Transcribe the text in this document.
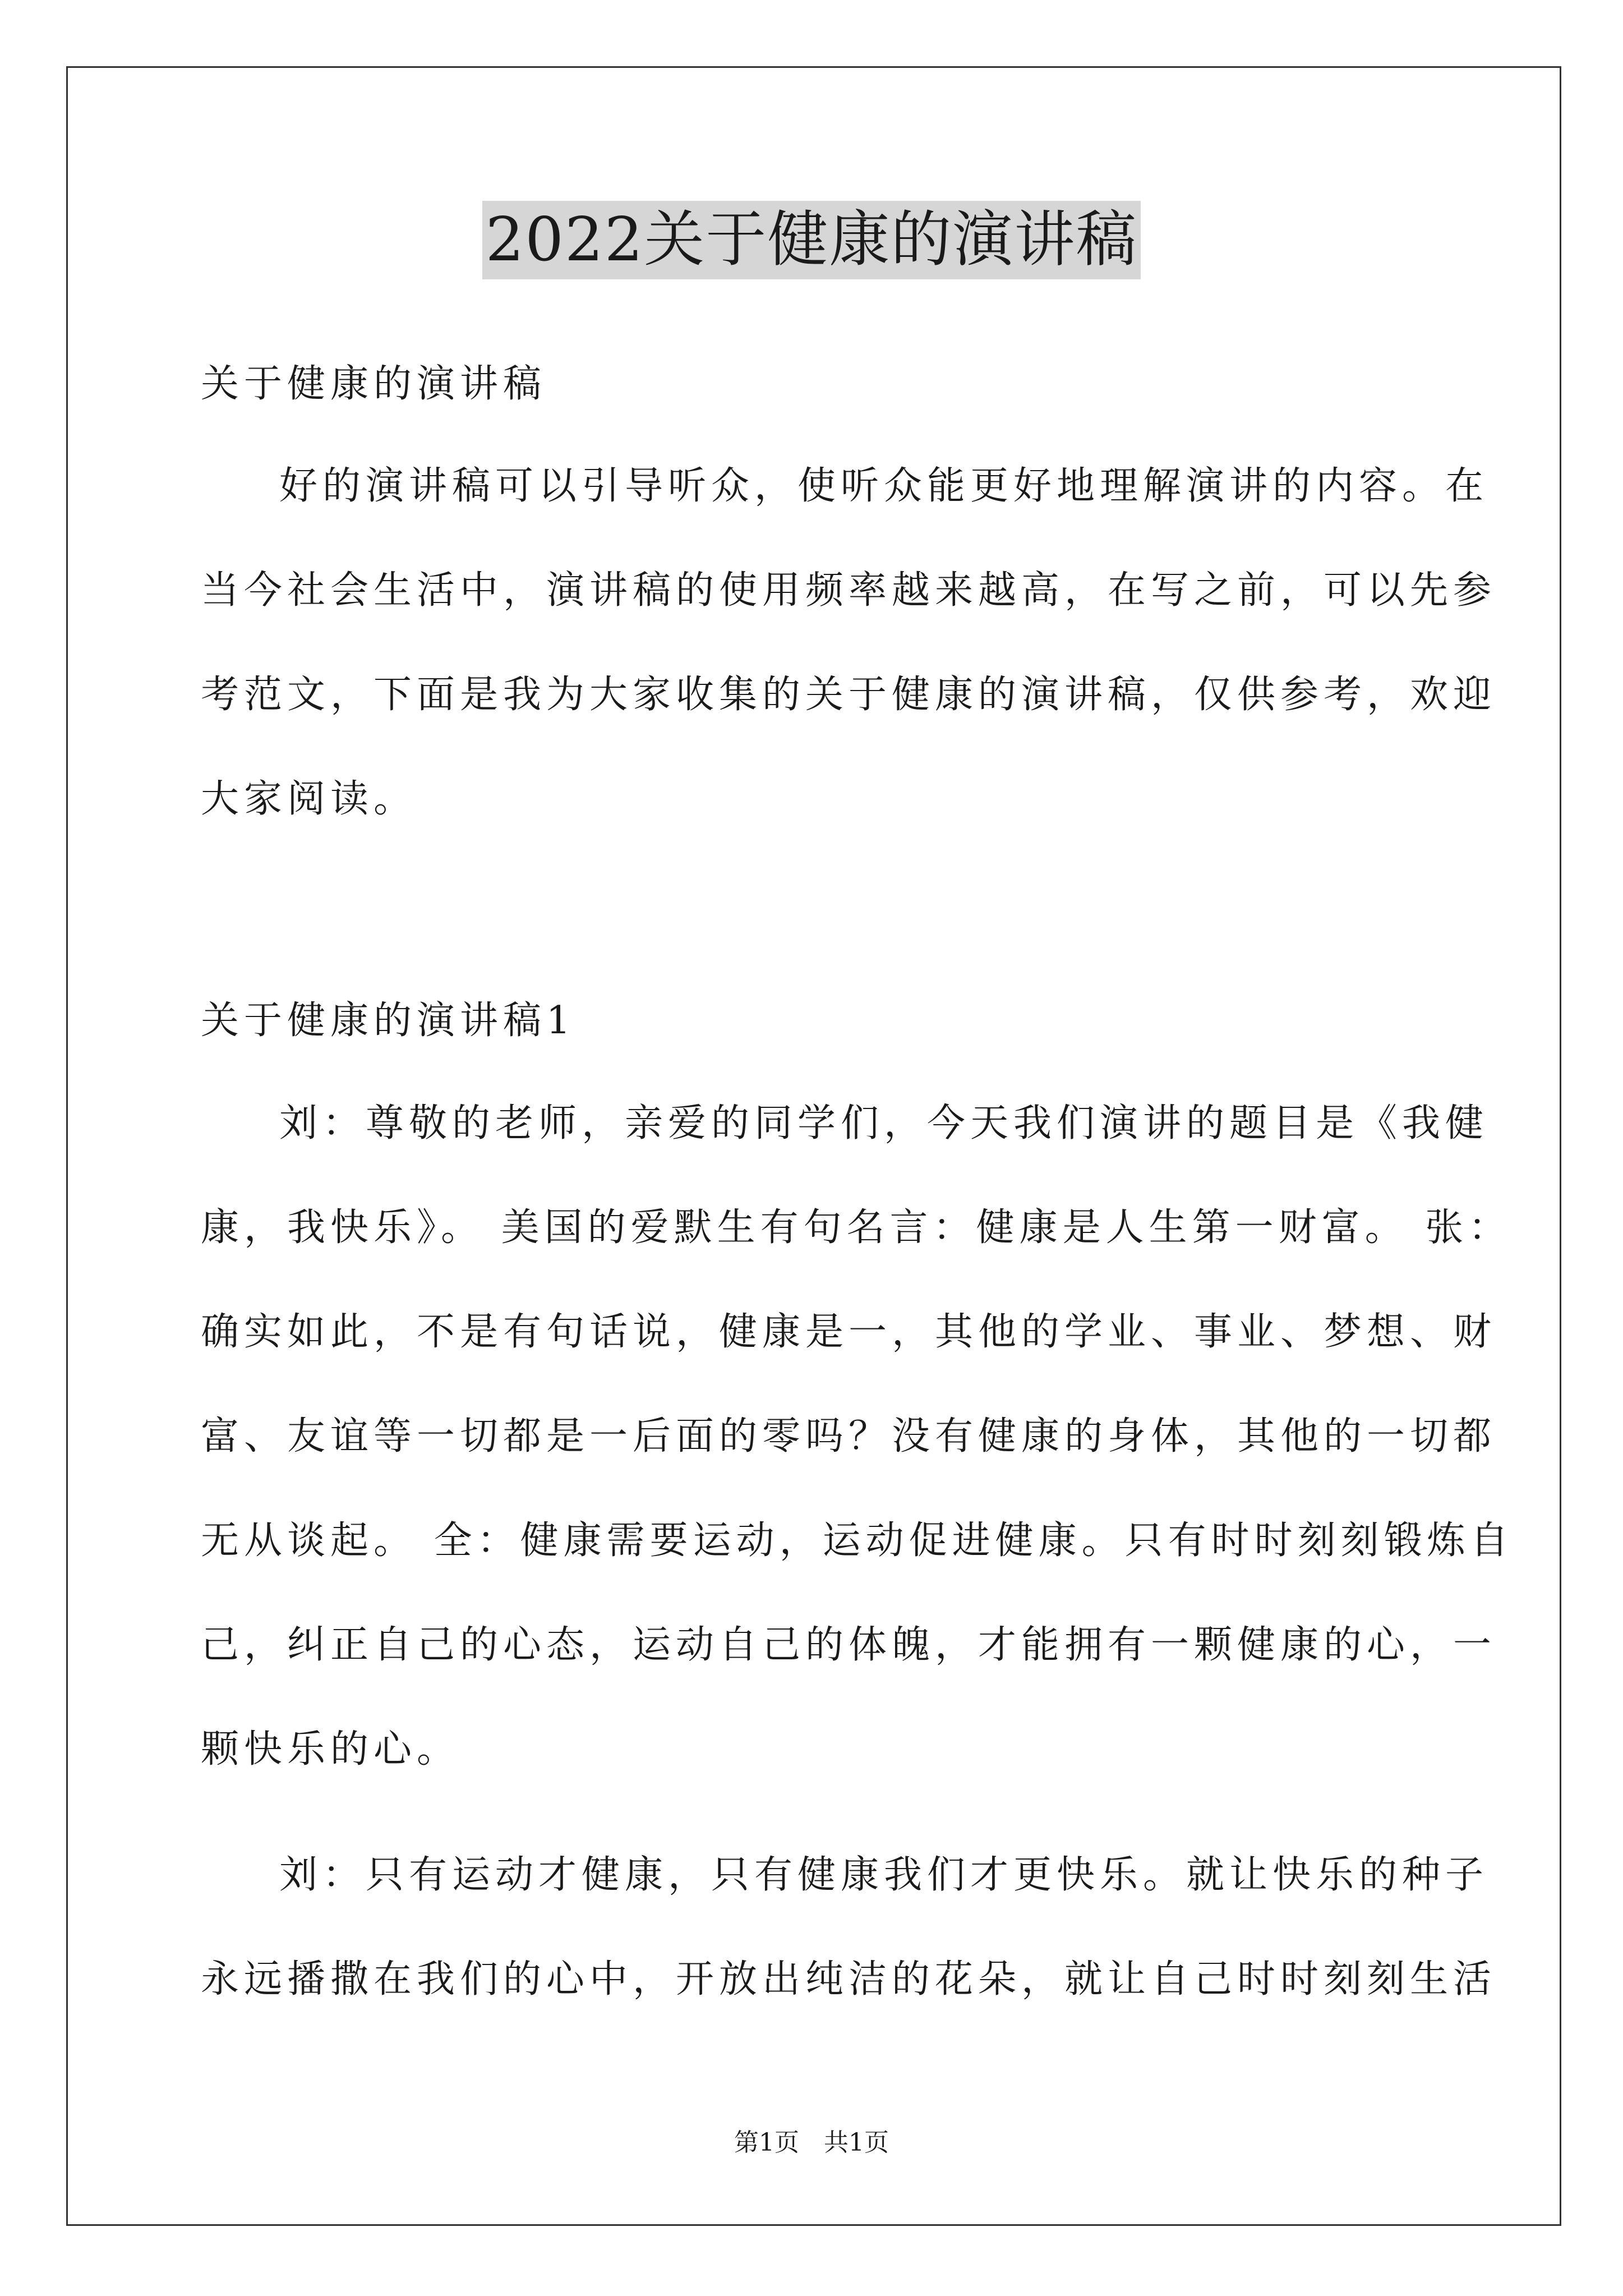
2022关于健康的演讲稿
关于健康的演讲稿
好的演讲稿可以引导听众，使听众能更好地理解演讲的内容。在
当今社会生活中，演讲稿的使用频率越来越高，在写之前，可以先参
考范文，下面是我为大家收集的关于健康的演讲稿，仅供参考，欢迎
大家阅读。
关于健康的演讲稿1
刘：尊敬的老师，亲爱的同学们，今天我们演讲的题目是《我健
康，我快乐》。 美国的爱默生有句名言：健康是人生第一财富。 张：
确实如此，不是有句话说，健康是一，其他的学业、事业、梦想、财
富、友谊等一切都是一后面的零吗？没有健康的身体，其他的一切都
无从谈起。 全：健康需要运动，运动促进健康。只有时时刻刻锻炼自
己，纠正自己的心态，运动自己的体魄，才能拥有一颗健康的心，一
颗快乐的心。
刘：只有运动才健康，只有健康我们才更快乐。就让快乐的种子
永远播撒在我们的心中，开放出纯洁的花朵，就让自己时时刻刻生活
第1页　共1页
